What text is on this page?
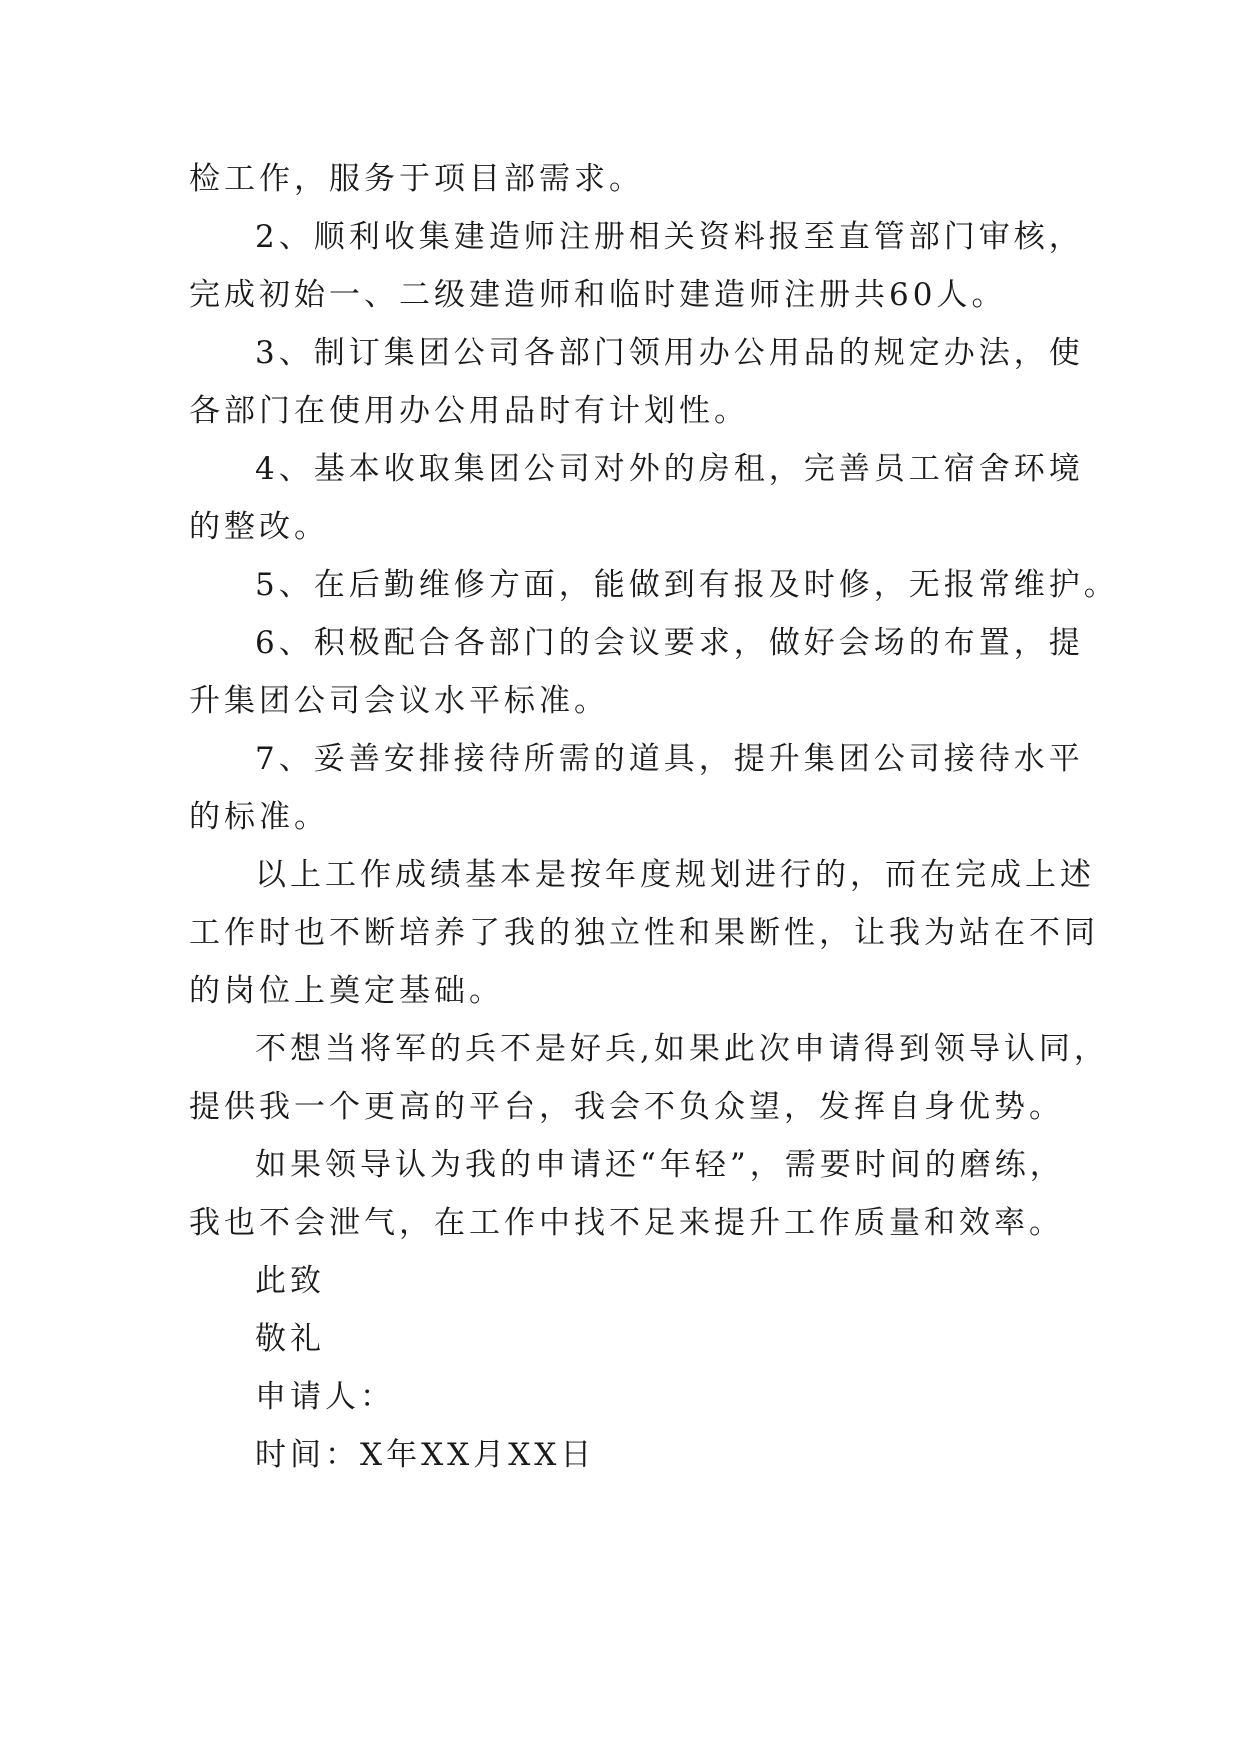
检工作，服务于项目部需求。

2、顺利收集建造师注册相关资料报至直管部门审核，

完成初始一、二级建造师和临时建造师注册共60人。

3、制订集团公司各部门领用办公用品的规定办法，使

各部门在使用办公用品时有计划性。

4、基本收取集团公司对外的房租，完善员工宿舍环境

的整改。

5、在后勤维修方面，能做到有报及时修，无报常维护。

6、积极配合各部门的会议要求，做好会场的布置，提

升集团公司会议水平标准。

7、妥善安排接待所需的道具，提升集团公司接待水平

的标准。

以上工作成绩基本是按年度规划进行的，而在完成上述

工作时也不断培养了我的独立性和果断性，让我为站在不同

的岗位上奠定基础。

不想当将军的兵不是好兵,如果此次申请得到领导认同，

提供我一个更高的平台，我会不负众望，发挥自身优势。

如果领导认为我的申请还“年轻”，需要时间的磨练，

我也不会泄气，在工作中找不足来提升工作质量和效率。

此致

敬礼

申请人：

时间：X年XX月XX日
